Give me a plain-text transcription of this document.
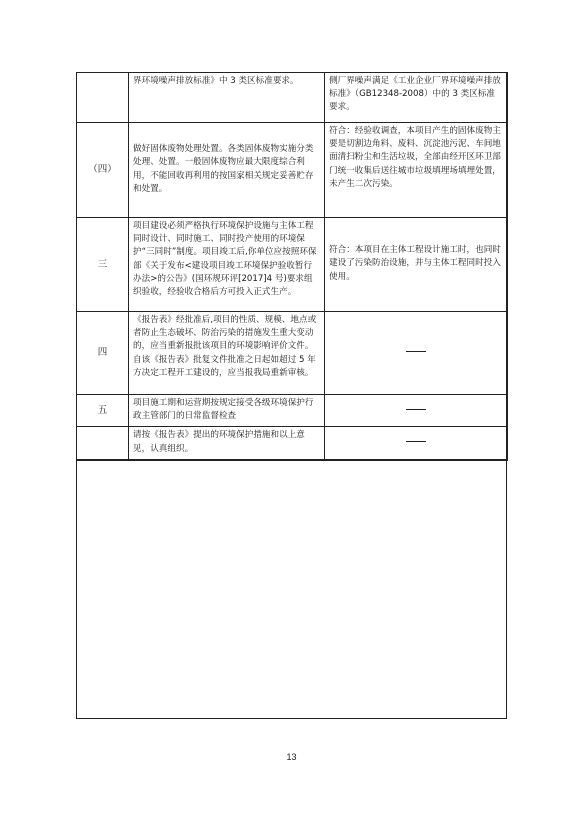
	界环境噪声排放标准》中 3 类区标准要求。	侧厂界噪声满足《工业企业厂界环境噪声排放标准》（GB12348-2008）中的 3 类区标准要求。
（四）	做好固体废物处理处置。各类固体废物实施分类处理、处置。一般固体废物应最大限度综合利用，不能回收再利用的按国家相关规定妥善贮存和处置。	符合：经验收调查，本项目产生的固体废物主要是切割边角料、废料、沉淀池污泥、车间地面清扫粉尘和生活垃圾，全部由经开区环卫部门统一收集后送往城市垃圾填埋场填埋处置，未产生二次污染。
三	项目建设必须严格执行环境保护设施与主体工程同时设计、同时施工、同时投产使用的环境保护“三同时”制度。项目竣工后,你单位应按照环保部《关于发布<建设项目竣工环境保护验收暂行办法>的公告》(国环规环评[2017]4 号)要求组织验收，经验收合格后方可投入正式生产。	符合：本项目在主体工程设计施工时，也同时建设了污染防治设施，并与主体工程同时投入使用。
四	《报告表》经批准后,项目的性质、规模、地点或者防止生态破坏、防治污染的措施发生重大变动的，应当重新报批该项目的环境影响评价文件。自该《报告表》批复文件批准之日起如超过 5 年方决定工程开工建设的，应当报我局重新审核。	
五	项目施工期和运营期按规定接受各级环境保护行政主管部门的日常监督检查	
	请按《报告表》提出的环境保护措施和以上意见，认真组织。	
13
